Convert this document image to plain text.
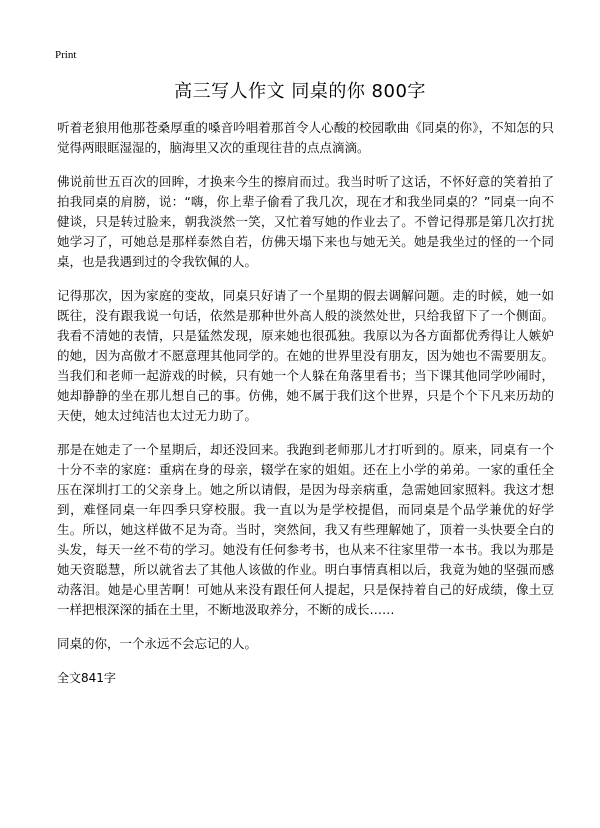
Print
高三写人作文 同桌的你 800字

听着老狼用他那苍桑厚重的嗓音吟唱着那首令人心酸的校园歌曲《同桌的你》，不知怎的只觉得两眼眶湿湿的，脑海里又次的重现往昔的点点滴滴。

佛说前世五百次的回眸，才换来今生的擦肩而过。我当时听了这话，不怀好意的笑着拍了拍我同桌的肩膀，说：“嗨，你上辈子偷看了我几次，现在才和我坐同桌的？”同桌一向不健谈，只是转过脸来，朝我淡然一笑，又忙着写她的作业去了。不曾记得那是第几次打扰她学习了，可她总是那样泰然自若，仿佛天塌下来也与她无关。她是我坐过的怪的一个同桌，也是我遇到过的令我钦佩的人。

记得那次，因为家庭的变故，同桌只好请了一个星期的假去调解问题。走的时候，她一如既往，没有跟我说一句话，依然是那种世外高人般的淡然处世，只给我留下了一个侧面。我看不清她的表情，只是猛然发现，原来她也很孤独。我原以为各方面都优秀得让人嫉妒的她，因为高傲才不愿意理其他同学的。在她的世界里没有朋友，因为她也不需要朋友。当我们和老师一起游戏的时候，只有她一个人躲在角落里看书；当下课其他同学吵闹时，她却静静的坐在那儿想自己的事。仿佛，她不属于我们这个世界，只是个个下凡来历劫的天使，她太过纯洁也太过无力助了。

那是在她走了一个星期后，却还没回来。我跑到老师那儿才打听到的。原来，同桌有一个十分不幸的家庭：重病在身的母亲，辍学在家的姐姐。还在上小学的弟弟。一家的重任全压在深圳打工的父亲身上。她之所以请假，是因为母亲病重，急需她回家照料。我这才想到，难怪同桌一年四季只穿校服。我一直以为是学校提倡，而同桌是个品学兼优的好学生。所以，她这样做不足为奇。当时，突然间，我又有些理解她了，顶着一头快要全白的头发，每天一丝不苟的学习。她没有任何参考书，也从来不往家里带一本书。我以为那是她天资聪慧，所以就省去了其他人该做的作业。明白事情真相以后，我竟为她的坚强而感动落泪。她是心里苦啊！可她从来没有跟任何人提起，只是保持着自己的好成绩，像土豆一样把根深深的插在土里，不断地汲取养分，不断的成长……

同桌的你，一个永远不会忘记的人。

全文841字
